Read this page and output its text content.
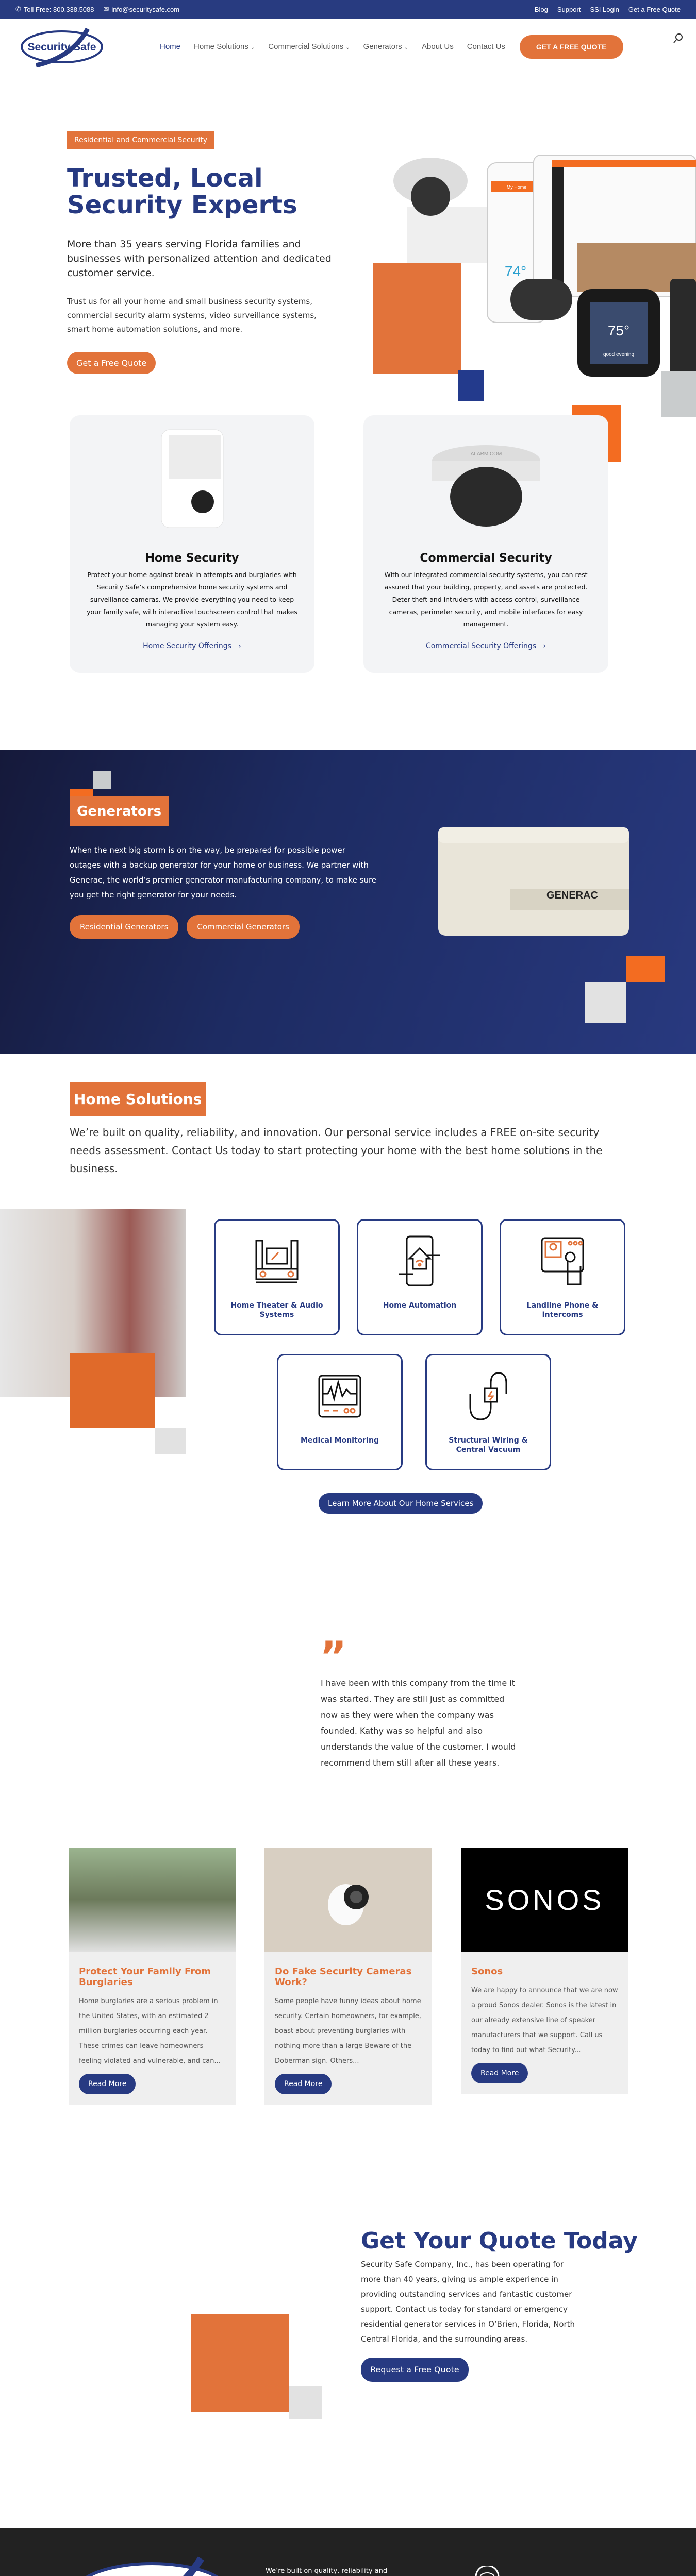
✆ Toll Free: 800.338.5088 ✉ info@securitysafe.com	Blog Support SSI Login Get a Free Quote
Security Safe	Home Home Solutions ⌄ Commercial Solutions ⌄ Generators ⌄ About Us Contact Us	GET A FREE QUOTE
Residential and Commercial Security
Trusted, Local Security Experts

More than 35 years serving Florida families and businesses with personalized attention and dedicated customer service.

Trust us for all your home and small business security systems, commercial security alarm systems, video surveillance systems, smart home automation solutions, and more.

Get a Free Quote
My Home
74°
75°
good evening
Home Security

Protect your home against break-in attempts and burglaries with Security Safe’s comprehensive home security systems and surveillance cameras. We provide everything you need to keep your family safe, with interactive touchscreen control that makes managing your system easy.

Home Security Offerings ›
ALARM.COM
Commercial Security

With our integrated commercial security systems, you can rest assured that your building, property, and assets are protected. Deter theft and intruders with access control, surveillance cameras, perimeter security, and mobile interfaces for easy management.

Commercial Security Offerings ›
Generators

When the next big storm is on the way, be prepared for possible power outages with a backup generator for your home or business. We partner with Generac, the world’s premier generator manufacturing company, to make sure you get the right generator for your needs.

Residential Generators	Commercial Generators
GENERAC
Home Solutions

We’re built on quality, reliability, and innovation. Our personal service includes a FREE on-site security needs assessment. Contact Us today to start protecting your home with the best home solutions in the business.

Home Theater & Audio Systems
Home Automation	Landline Phone & Intercoms
Medical Monitoring	Structural Wiring & Central Vacuum
Learn More About Our Home Services
”

I have been with this company from the time it was started. They are still just as committed now as they were when the company was founded. Kathy was so helpful and also understands the value of the customer. I would recommend them still after all these years.

Protect Your Family From Burglaries

Home burglaries are a serious problem in the United States, with an estimated 2 million burglaries occurring each year. These crimes can leave homeowners feeling violated and vulnerable, and can...

Read More
Do Fake Security Cameras Work?

Some people have funny ideas about home security. Certain homeowners, for example, boast about preventing burglaries with nothing more than a large Beware of the Doberman sign. Others...

Read More
SONOS
Sonos

We are happy to announce that we are now a proud Sonos dealer. Sonos is the latest in our already extensive line of speaker manufacturers that we support. Call us today to find out what Security...

Read More
Get Your Quote Today

Security Safe Company, Inc., has been operating for more than 40 years, giving us ample experience in providing outstanding services and fantastic customer support. Contact us today for standard or emergency residential generator services in O’Brien, Florida, North Central Florida, and the surrounding areas.

Request a Free Quote

We’re built on quality, reliability and
